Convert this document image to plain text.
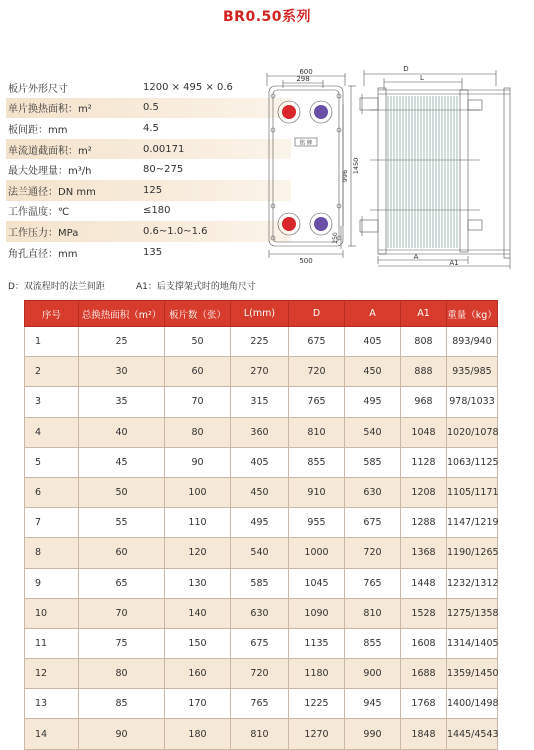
BR0.50系列
板片外形尺寸	1200 × 495 × 0.6
单片换热面积：m²	0.5
板间距：mm	4.5
单流道截面积：m²	0.00171
最大处理量：m³/h	80~275
法兰通径：DN mm	125
工作温度：℃	≤180
工作压力：MPa	0.6~1.0~1.6
角孔直径：mm	135
600
298
996
1450
250
500
铭 牌
D
L
A
A1
D：双流程时的法兰间距	A1：后支撑架式时的地角尺寸
序号	总换热面积（m²）	板片数（张）	L(mm)	D	A	A1	重量（kg）
1	25	50	225	675	405	808	893/940
2	30	60	270	720	450	888	935/985
3	35	70	315	765	495	968	978/1033
4	40	80	360	810	540	1048	1020/1078
5	45	90	405	855	585	1128	1063/1125
6	50	100	450	910	630	1208	1105/1171
7	55	110	495	955	675	1288	1147/1219
8	60	120	540	1000	720	1368	1190/1265
9	65	130	585	1045	765	1448	1232/1312
10	70	140	630	1090	810	1528	1275/1358
11	75	150	675	1135	855	1608	1314/1405
12	80	160	720	1180	900	1688	1359/1450
13	85	170	765	1225	945	1768	1400/1498
14	90	180	810	1270	990	1848	1445/4543
